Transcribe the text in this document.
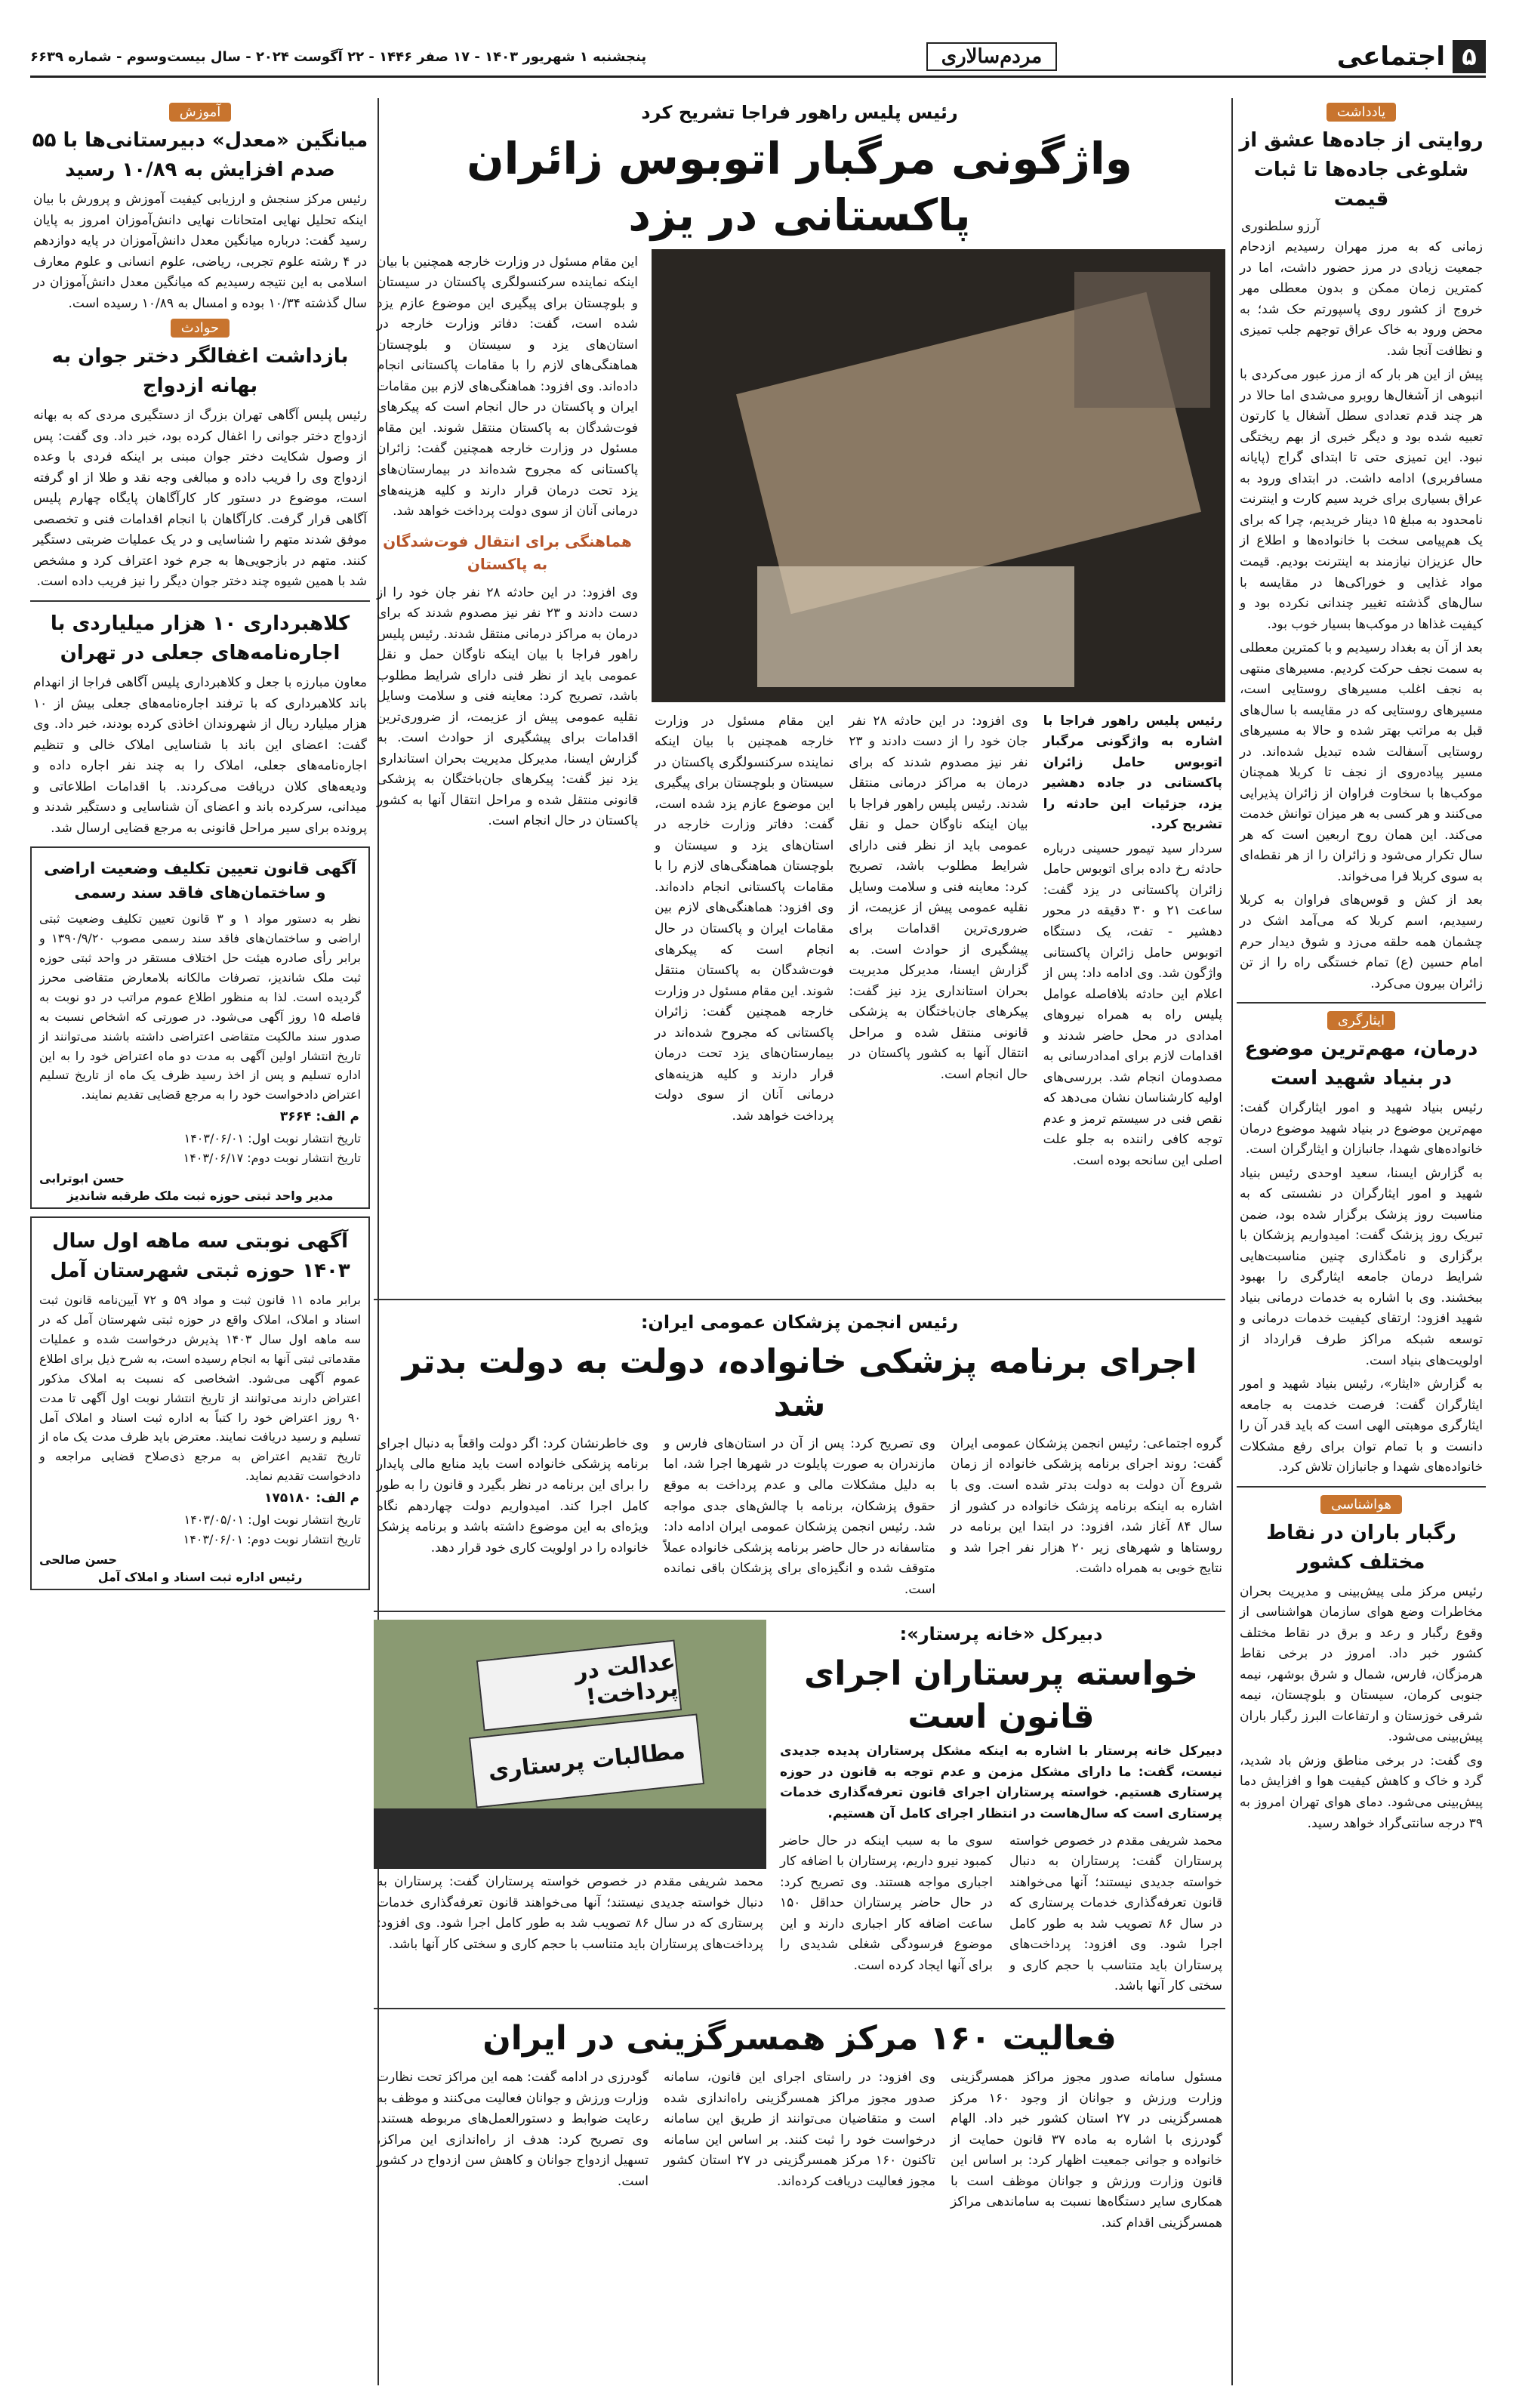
۵
اجتماعی
مردم‌سالاری
پنجشنبه ۱ شهریور ۱۴۰۳ - ۱۷ صفر ۱۴۴۶ - ۲۲ آگوست ۲۰۲۴ - سال بیست‌وسوم - شماره ۶۶۳۹
یادداشت
روایتی از جاده‌ها عشق از شلوغی جاده‌ها تا ثبات قیمت
آرزو سلطنوری

زمانی که به مرز مهران رسیدیم ازدحام جمعیت زیادی در مرز حضور داشت، اما در کمترین زمان ممکن و بدون معطلی مهر خروج از کشور روی پاسپورتم حک شد؛ به محض ورود به خاک عراق توجهم جلب تمیزی و نظافت آنجا شد.

پیش از این هر بار که از مرز عبور می‌کردی با انبوهی از آشغال‌ها روبرو می‌شدی اما حالا در هر چند قدم تعدادی سطل آشغال یا کارتون تعبیه شده بود و دیگر خبری از بهم ریختگی نبود. این تمیزی حتی تا ابتدای گراج (پایانه مسافربری) ادامه داشت. در ابتدای ورود به عراق بسیاری برای خرید سیم کارت و اینترنت نامحدود به مبلغ ۱۵ دینار خریدیم، چرا که برای یک هم‌پیامی سخت با خانواده‌ها و اطلاع از حال عزیزان نیازمند به اینترنت بودیم. قیمت مواد غذایی و خوراکی‌ها در مقایسه با سال‌های گذشته تغییر چندانی نکرده بود و کیفیت غذاها در موکب‌ها بسیار خوب بود.

بعد از آن به بغداد رسیدیم و با کمترین معطلی به سمت نجف حرکت کردیم. مسیرهای منتهی به نجف اغلب مسیرهای روستایی است، مسیرهای روستایی که در مقایسه با سال‌های قبل به مراتب بهتر شده و حالا به مسیرهای روستایی آسفالت شده تبدیل شده‌اند. در مسیر پیاده‌روی از نجف تا کربلا همچنان موکب‌ها با سخاوت فراوان از زائران پذیرایی می‌کنند و هر کسی به هر میزان توانش خدمت می‌کند. این همان روح اربعین است که هر سال تکرار می‌شود و زائران را از هر نقطه‌ای به سوی کربلا فرا می‌خواند.

بعد از کش و قوس‌های فراوان به کربلا رسیدیم، اسم کربلا که می‌آمد اشک در چشمان همه حلقه می‌زد و شوق دیدار حرم امام حسین (ع) تمام خستگی راه را از تن زائران بیرون می‌کرد.

ایثارگری
درمان، مهم‌ترین موضوع در بنیاد شهید است

رئیس بنیاد شهید و امور ایثارگران گفت: مهم‌ترین موضوع در بنیاد شهید موضوع درمان خانواده‌های شهدا، جانبازان و ایثارگران است.

به گزارش ایسنا، سعید اوحدی رئیس بنیاد شهید و امور ایثارگران در نشستی که به مناسبت روز پزشک برگزار شده بود، ضمن تبریک روز پزشک گفت: امیدواریم پزشکان با برگزاری و نامگذاری چنین مناسبت‌هایی شرایط درمان جامعه ایثارگری را بهبود ببخشند. وی با اشاره به خدمات درمانی بنیاد شهید افزود: ارتقای کیفیت خدمات درمانی و توسعه شبکه مراکز طرف قرارداد از اولویت‌های بنیاد است.

به گزارش «ایثار»، رئیس بنیاد شهید و امور ایثارگران گفت: فرصت خدمت به جامعه ایثارگری موهبتی الهی است که باید قدر آن را دانست و با تمام توان برای رفع مشکلات خانواده‌های شهدا و جانبازان تلاش کرد.

هواشناسی
رگبار باران در نقاط مختلف کشور

رئیس مرکز ملی پیش‌بینی و مدیریت بحران مخاطرات وضع هوای سازمان هواشناسی از وقوع رگبار و رعد و برق در نقاط مختلف کشور خبر داد. امروز در برخی نقاط هرمزگان، فارس، شمال و شرق بوشهر، نیمه جنوبی کرمان، سیستان و بلوچستان، نیمه شرقی خوزستان و ارتفاعات البرز رگبار باران پیش‌بینی می‌شود.

وی گفت: در برخی مناطق وزش باد شدید، گرد و خاک و کاهش کیفیت هوا و افزایش دما پیش‌بینی می‌شود. دمای هوای تهران امروز به ۳۹ درجه سانتی‌گراد خواهد رسید.

آموزش
میانگین «معدل» دبیرستانی‌ها با ۵۵ صدم افزایش به ۱۰/۸۹ رسید

رئیس مرکز سنجش و ارزیابی کیفیت آموزش و پرورش با بیان اینکه تحلیل نهایی امتحانات نهایی دانش‌آموزان امروز به پایان رسید گفت: درباره میانگین معدل دانش‌آموزان در پایه دوازدهم در ۴ رشته علوم تجربی، ریاضی، علوم انسانی و علوم معارف اسلامی به این نتیجه رسیدیم که میانگین معدل دانش‌آموزان در سال گذشته ۱۰/۳۴ بوده و امسال به ۱۰/۸۹ رسیده است.

حوادث
بازداشت اغفالگر دختر جوان به بهانه ازدواج

رئیس پلیس آگاهی تهران بزرگ از دستگیری مردی که به بهانه ازدواج دختر جوانی را اغفال کرده بود، خبر داد. وی گفت: پس از وصول شکایت دختر جوان مبنی بر اینکه فردی با وعده ازدواج وی را فریب داده و مبالغی وجه نقد و طلا از او گرفته است، موضوع در دستور کار کارآگاهان پایگاه چهارم پلیس آگاهی قرار گرفت. کارآگاهان با انجام اقدامات فنی و تخصصی موفق شدند متهم را شناسایی و در یک عملیات ضربتی دستگیر کنند. متهم در بازجویی‌ها به جرم خود اعتراف کرد و مشخص شد با همین شیوه چند دختر جوان دیگر را نیز فریب داده است.

کلاهبرداری ۱۰ هزار میلیاردی با اجاره‌نامه‌های جعلی در تهران

معاون مبارزه با جعل و کلاهبرداری پلیس آگاهی فراجا از انهدام باند کلاهبرداری که با ترفند اجاره‌نامه‌های جعلی بیش از ۱۰ هزار میلیارد ریال از شهروندان اخاذی کرده بودند، خبر داد. وی گفت: اعضای این باند با شناسایی املاک خالی و تنظیم اجاره‌نامه‌های جعلی، املاک را به چند نفر اجاره داده و ودیعه‌های کلان دریافت می‌کردند. با اقدامات اطلاعاتی و میدانی، سرکرده باند و اعضای آن شناسایی و دستگیر شدند و پرونده برای سیر مراحل قانونی به مرجع قضایی ارسال شد.

آگهی قانون تعیین تکلیف وضعیت اراضی و ساختمان‌های فاقد سند رسمی

نظر به دستور مواد ۱ و ۳ قانون تعیین تکلیف وضعیت ثبتی اراضی و ساختمان‌های فاقد سند رسمی مصوب ۱۳۹۰/۹/۲۰ و برابر رأی صادره هیئت حل اختلاف مستقر در واحد ثبتی حوزه ثبت ملک شاندیز، تصرفات مالکانه بلامعارض متقاضی محرز گردیده است. لذا به منظور اطلاع عموم مراتب در دو نوبت به فاصله ۱۵ روز آگهی می‌شود. در صورتی که اشخاص نسبت به صدور سند مالکیت متقاضی اعتراضی داشته باشند می‌توانند از تاریخ انتشار اولین آگهی به مدت دو ماه اعتراض خود را به این اداره تسلیم و پس از اخذ رسید ظرف یک ماه از تاریخ تسلیم اعتراض دادخواست خود را به مرجع قضایی تقدیم نمایند.

م الف: ۳۶۶۴

تاریخ انتشار نوبت اول: ۱۴۰۳/۰۶/۰۱

تاریخ انتشار نوبت دوم: ۱۴۰۳/۰۶/۱۷

حسن ابوترابی
مدیر واحد ثبتی حوزه ثبت ملک طرقبه شاندیز
آگهی نوبتی سه ماهه اول سال ۱۴۰۳ حوزه ثبتی شهرستان آمل

برابر ماده ۱۱ قانون ثبت و مواد ۵۹ و ۷۲ آیین‌نامه قانون ثبت اسناد و املاک، املاک واقع در حوزه ثبتی شهرستان آمل که در سه ماهه اول سال ۱۴۰۳ پذیرش درخواست شده و عملیات مقدماتی ثبتی آنها به انجام رسیده است، به شرح ذیل برای اطلاع عموم آگهی می‌شود. اشخاصی که نسبت به املاک مذکور اعتراض دارند می‌توانند از تاریخ انتشار نوبت اول آگهی تا مدت ۹۰ روز اعتراض خود را کتباً به اداره ثبت اسناد و املاک آمل تسلیم و رسید دریافت نمایند. معترض باید ظرف مدت یک ماه از تاریخ تقدیم اعتراض به مرجع ذی‌صلاح قضایی مراجعه و دادخواست تقدیم نماید.

م الف: ۱۷۵۱۸۰

تاریخ انتشار نوبت اول: ۱۴۰۳/۰۵/۰۱

تاریخ انتشار نوبت دوم: ۱۴۰۳/۰۶/۰۱

حسن صالحی
رئیس اداره ثبت اسناد و املاک آمل

رئیس پلیس راهور فراجا تشریح کرد

واژگونی مرگبار اتوبوس زائران پاکستانی در یزد

رئیس پلیس راهور فراجا با اشاره به واژگونی مرگبار اتوبوس حامل زائران پاکستانی در جاده دهشیر یزد، جزئیات این حادثه را تشریح کرد.

سردار سید تیمور حسینی درباره حادثه رخ داده برای اتوبوس حامل زائران پاکستانی در یزد گفت: ساعت ۲۱ و ۳۰ دقیقه در محور دهشیر - تفت، یک دستگاه اتوبوس حامل زائران پاکستانی واژگون شد. وی ادامه داد: پس از اعلام این حادثه بلافاصله عوامل پلیس راه به همراه نیروهای امدادی در محل حاضر شدند و اقدامات لازم برای امدادرسانی به مصدومان انجام شد. بررسی‌های اولیه کارشناسان نشان می‌دهد که نقص فنی در سیستم ترمز و عدم توجه کافی راننده به جلو علت اصلی این سانحه بوده است.

وی افزود: در این حادثه ۲۸ نفر جان خود را از دست دادند و ۲۳ نفر نیز مصدوم شدند که برای درمان به مراکز درمانی منتقل شدند. رئیس پلیس راهور فراجا با بیان اینکه ناوگان حمل و نقل عمومی باید از نظر فنی دارای شرایط مطلوب باشد، تصریح کرد: معاینه فنی و سلامت وسایل نقلیه عمومی پیش از عزیمت، از ضروری‌ترین اقدامات برای پیشگیری از حوادث است. به گزارش ایسنا، مدیرکل مدیریت بحران استانداری یزد نیز گفت: پیکرهای جان‌باختگان به پزشکی قانونی منتقل شده و مراحل انتقال آنها به کشور پاکستان در حال انجام است.

این مقام مسئول در وزارت خارجه همچنین با بیان اینکه نماینده سرکنسولگری پاکستان در سیستان و بلوچستان برای پیگیری این موضوع عازم یزد شده است، گفت: دفاتر وزارت خارجه در استان‌های یزد و سیستان و بلوچستان هماهنگی‌های لازم را با مقامات پاکستانی انجام داده‌اند. وی افزود: هماهنگی‌های لازم بین مقامات ایران و پاکستان در حال انجام است که پیکرهای فوت‌شدگان به پاکستان منتقل شوند. این مقام مسئول در وزارت خارجه همچنین گفت: زائران پاکستانی که مجروح شده‌اند در بیمارستان‌های یزد تحت درمان قرار دارند و کلیه هزینه‌های درمانی آنان از سوی دولت پرداخت خواهد شد.

این مقام مسئول در وزارت خارجه همچنین با بیان اینکه نماینده سرکنسولگری پاکستان در سیستان و بلوچستان برای پیگیری این موضوع عازم یزد شده است، گفت: دفاتر وزارت خارجه در استان‌های یزد و سیستان و بلوچستان هماهنگی‌های لازم را با مقامات پاکستانی انجام داده‌اند. وی افزود: هماهنگی‌های لازم بین مقامات ایران و پاکستان در حال انجام است که پیکرهای فوت‌شدگان به پاکستان منتقل شوند. این مقام مسئول در وزارت خارجه همچنین گفت: زائران پاکستانی که مجروح شده‌اند در بیمارستان‌های یزد تحت درمان قرار دارند و کلیه هزینه‌های درمانی آنان از سوی دولت پرداخت خواهد شد.

هماهنگی برای انتقال فوت‌شدگان به پاکستان

وی افزود: در این حادثه ۲۸ نفر جان خود را از دست دادند و ۲۳ نفر نیز مصدوم شدند که برای درمان به مراکز درمانی منتقل شدند. رئیس پلیس راهور فراجا با بیان اینکه ناوگان حمل و نقل عمومی باید از نظر فنی دارای شرایط مطلوب باشد، تصریح کرد: معاینه فنی و سلامت وسایل نقلیه عمومی پیش از عزیمت، از ضروری‌ترین اقدامات برای پیشگیری از حوادث است. به گزارش ایسنا، مدیرکل مدیریت بحران استانداری یزد نیز گفت: پیکرهای جان‌باختگان به پزشکی قانونی منتقل شده و مراحل انتقال آنها به کشور پاکستان در حال انجام است.

رئیس انجمن پزشکان عمومی ایران:

اجرای برنامه پزشکی خانواده، دولت به دولت بدتر شد

گروه اجتماعی: رئیس انجمن پزشکان عمومی ایران گفت: روند اجرای برنامه پزشکی خانواده از زمان شروع آن دولت به دولت بدتر شده است. وی با اشاره به اینکه برنامه پزشک خانواده در کشور از سال ۸۴ آغاز شد، افزود: در ابتدا این برنامه در روستاها و شهرهای زیر ۲۰ هزار نفر اجرا شد و نتایج خوبی به همراه داشت.

وی تصریح کرد: پس از آن در استان‌های فارس و مازندران به صورت پایلوت در شهرها اجرا شد، اما به دلیل مشکلات مالی و عدم پرداخت به موقع حقوق پزشکان، برنامه با چالش‌های جدی مواجه شد. رئیس انجمن پزشکان عمومی ایران ادامه داد: متاسفانه در حال حاضر برنامه پزشکی خانواده عملاً متوقف شده و انگیزه‌ای برای پزشکان باقی نمانده است.

وی خاطرنشان کرد: اگر دولت واقعاً به دنبال اجرای برنامه پزشکی خانواده است باید منابع مالی پایدار را برای این برنامه در نظر بگیرد و قانون را به طور کامل اجرا کند. امیدواریم دولت چهاردهم نگاه ویژه‌ای به این موضوع داشته باشد و برنامه پزشک خانواده را در اولویت کاری خود قرار دهد.

دبیرکل «خانه پرستار»:

خواسته پرستاران اجرای قانون است

دبیرکل خانه پرستار با اشاره به اینکه مشکل پرستاران پدیده جدیدی نیست، گفت: ما دارای مشکل مزمن و عدم توجه به قانون در حوزه پرستاری هستیم. خواسته پرستاران اجرای قانون تعرفه‌گذاری خدمات پرستاری است که سال‌هاست در انتظار اجرای کامل آن هستیم.

محمد شریفی مقدم در خصوص خواسته پرستاران گفت: پرستاران به دنبال خواسته جدیدی نیستند؛ آنها می‌خواهند قانون تعرفه‌گذاری خدمات پرستاری که در سال ۸۶ تصویب شد به طور کامل اجرا شود. وی افزود: پرداخت‌های پرستاران باید متناسب با حجم کاری و سختی کار آنها باشد.

سوی ما به سبب اینکه در حال حاضر کمبود نیرو داریم، پرستاران با اضافه کار اجباری مواجه هستند. وی تصریح کرد: در حال حاضر پرستاران حداقل ۱۵۰ ساعت اضافه کار اجباری دارند و این موضوع فرسودگی شغلی شدیدی را برای آنها ایجاد کرده است.

عدالت در پرداخت!
مطالبات پرستاری

محمد شریفی مقدم در خصوص خواسته پرستاران گفت: پرستاران به دنبال خواسته جدیدی نیستند؛ آنها می‌خواهند قانون تعرفه‌گذاری خدمات پرستاری که در سال ۸۶ تصویب شد به طور کامل اجرا شود. وی افزود: پرداخت‌های پرستاران باید متناسب با حجم کاری و سختی کار آنها باشد.

فعالیت ۱۶۰ مرکز همسرگزینی در ایران

مسئول سامانه صدور مجوز مراکز همسرگزینی وزارت ورزش و جوانان از وجود ۱۶۰ مرکز همسرگزینی در ۲۷ استان کشور خبر داد. الهام گودرزی با اشاره به ماده ۳۷ قانون حمایت از خانواده و جوانی جمعیت اظهار کرد: بر اساس این قانون وزارت ورزش و جوانان موظف است با همکاری سایر دستگاه‌ها نسبت به ساماندهی مراکز همسرگزینی اقدام کند.

وی افزود: در راستای اجرای این قانون، سامانه صدور مجوز مراکز همسرگزینی راه‌اندازی شده است و متقاضیان می‌توانند از طریق این سامانه درخواست خود را ثبت کنند. بر اساس این سامانه تاکنون ۱۶۰ مرکز همسرگزینی در ۲۷ استان کشور مجوز فعالیت دریافت کرده‌اند.

گودرزی در ادامه گفت: همه این مراکز تحت نظارت وزارت ورزش و جوانان فعالیت می‌کنند و موظف به رعایت ضوابط و دستورالعمل‌های مربوطه هستند. وی تصریح کرد: هدف از راه‌اندازی این مراکز، تسهیل ازدواج جوانان و کاهش سن ازدواج در کشور است.
